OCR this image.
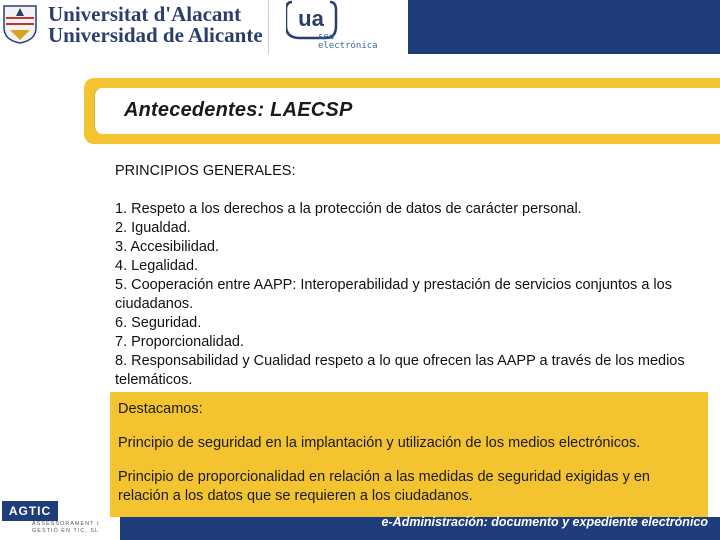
Universitat d'Alacant
Universidad de Alicante
ua
seu
electrónica
Antecedentes: LAECSP
PRINCIPIOS GENERALES:
1. Respeto a los derechos a la protección de datos de carácter personal.
2. Igualdad.
3. Accesibilidad.
4. Legalidad.
5. Cooperación entre AAPP: Interoperabilidad y prestación de servicios conjuntos a los ciudadanos.
6. Seguridad.
7. Proporcionalidad.
8. Responsabilidad y Cualidad respeto a lo que ofrecen las AAPP a través de los medios telemáticos.
Destacamos:
Principio de seguridad en la implantación y utilización de los medios electrónicos.
Principio de proporcionalidad en relación a las medidas de seguridad exigidas y en relación a los datos que se requieren a los ciudadanos.
AGTIC
ASSESSORAMENT I GESTIÓ EN TIC, SL
e-Administración: documento y expediente electrónico
